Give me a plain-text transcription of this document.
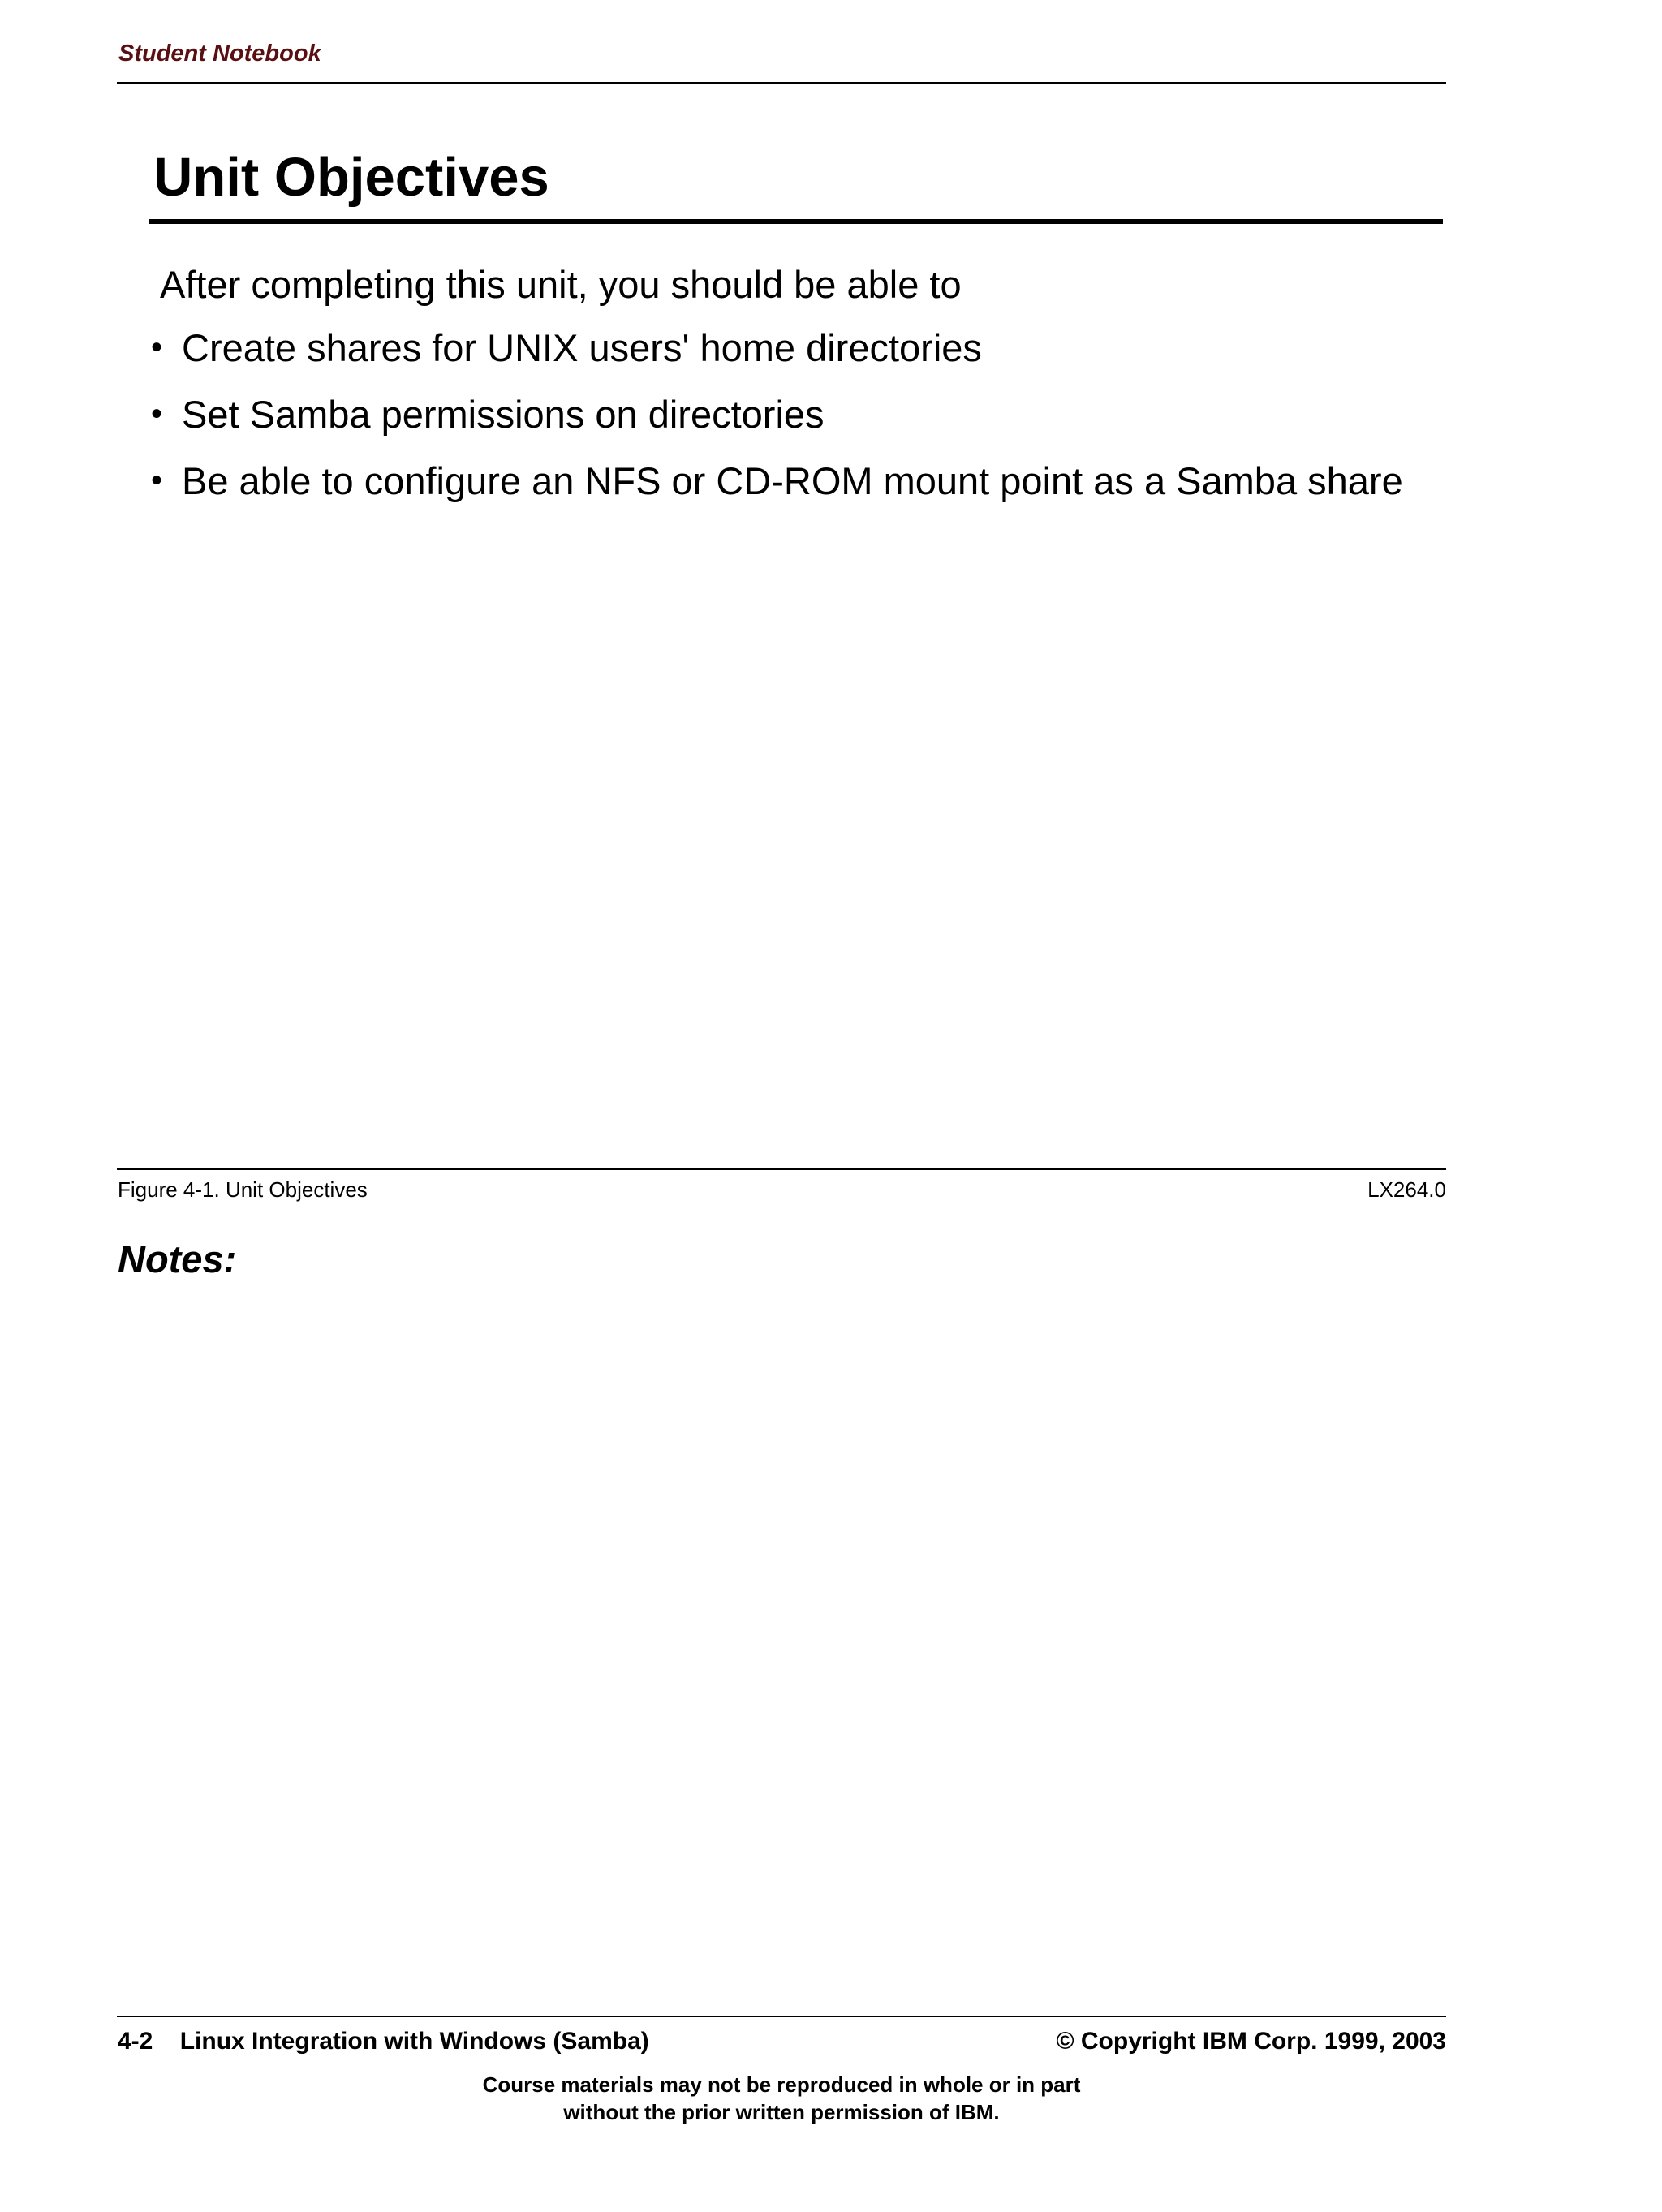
Student Notebook
Unit Objectives
After completing this unit, you should be able to
• Create shares for UNIX users' home directories
• Set Samba permissions on directories
• Be able to configure an NFS or CD-ROM mount point as a Samba share
Figure 4-1. Unit Objectives	LX264.0
Notes:
4-2 Linux Integration with Windows (Samba)	© Copyright IBM Corp. 1999, 2003
Course materials may not be reproduced in whole or in part
without the prior written permission of IBM.
